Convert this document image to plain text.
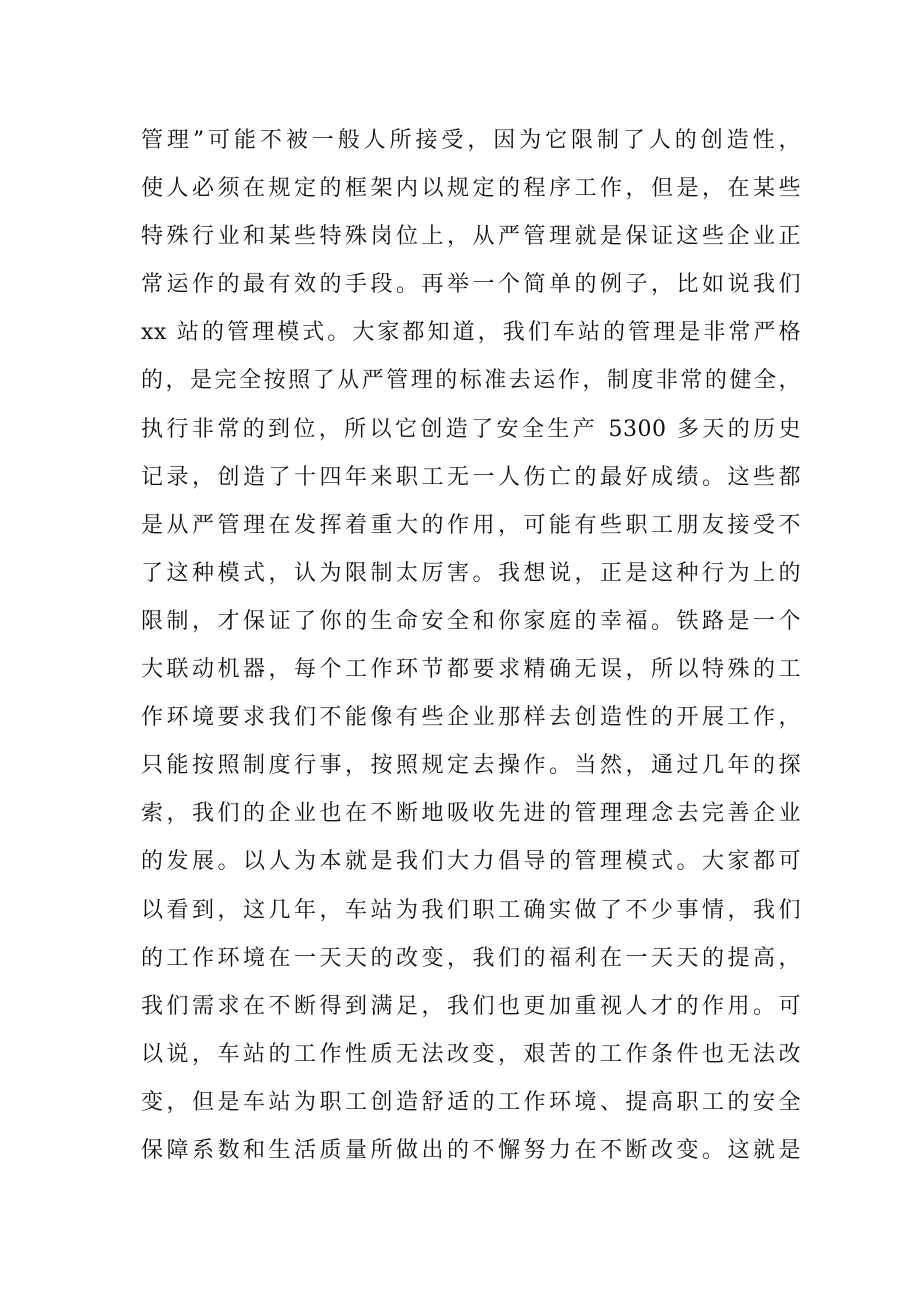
管理”可能不被一般人所接受，因为它限制了人的创造性，
使人必须在规定的框架内以规定的程序工作，但是，在某些
特殊行业和某些特殊岗位上，从严管理就是保证这些企业正
常运作的最有效的手段。再举一个简单的例子，比如说我们
xx 站的管理模式。大家都知道，我们车站的管理是非常严格
的，是完全按照了从严管理的标准去运作，制度非常的健全，
执行非常的到位，所以它创造了安全生产 5300 多天的历史
记录，创造了十四年来职工无一人伤亡的最好成绩。这些都
是从严管理在发挥着重大的作用，可能有些职工朋友接受不
了这种模式，认为限制太厉害。我想说，正是这种行为上的
限制，才保证了你的生命安全和你家庭的幸福。铁路是一个
大联动机器，每个工作环节都要求精确无误，所以特殊的工
作环境要求我们不能像有些企业那样去创造性的开展工作，
只能按照制度行事，按照规定去操作。当然，通过几年的探
索，我们的企业也在不断地吸收先进的管理理念去完善企业
的发展。以人为本就是我们大力倡导的管理模式。大家都可
以看到，这几年，车站为我们职工确实做了不少事情，我们
的工作环境在一天天的改变，我们的福利在一天天的提高，
我们需求在不断得到满足，我们也更加重视人才的作用。可
以说，车站的工作性质无法改变，艰苦的工作条件也无法改
变，但是车站为职工创造舒适的工作环境、提高职工的安全
保障系数和生活质量所做出的不懈努力在不断改变。这就是
